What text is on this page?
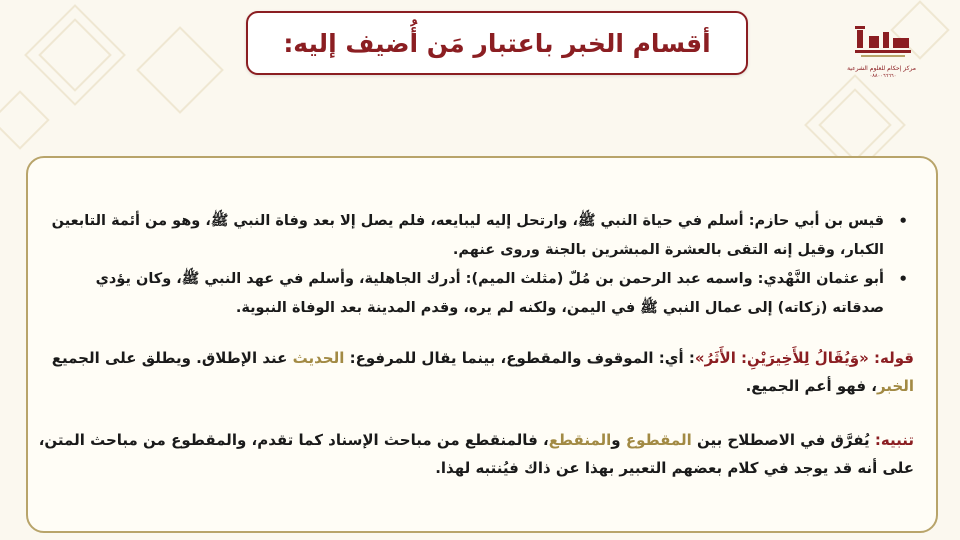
مركز إحكام للعلوم الشرعية
٠٨٨٠٠٦٦٦٦٠
أقسام الخبر باعتبار مَن أُضيف إليه:
•
قيس بن أبي حازم: أسلم في حياة النبي ﷺ، وارتحل إليه ليبايعه، فلم يصل إلا بعد وفاة النبي ﷺ، وهو من أئمة التابعين الكبار، وقيل إنه التقى بالعشرة المبشرين بالجنة وروى عنهم.
•
أبو عثمان النَّهْدي: واسمه عبد الرحمن بن مُلّ (مثلث الميم): أدرك الجاهلية، وأسلم في عهد النبي ﷺ، وكان يؤدي صدقاته (زكاته) إلى عمال النبي ﷺ في اليمن، ولكنه لم يره، وقدم المدينة بعد الوفاة النبوية.

قوله: «وَيُقَالُ لِلأَخِيرَيْنِ: الأَثَرُ»: أي: الموقوف والمقطوع، بينما يقال للمرفوع: الحديث عند الإطلاق. ويطلق على الجميع الخبر، فهو أعم الجميع.

تنبيه: يُفرَّق في الاصطلاح بين المقطوع والمنقطع، فالمنقطع من مباحث الإسناد كما تقدم، والمقطوع من مباحث المتن، على أنه قد يوجد في كلام بعضهم التعبير بهذا عن ذاك فيُنتبه لهذا.
